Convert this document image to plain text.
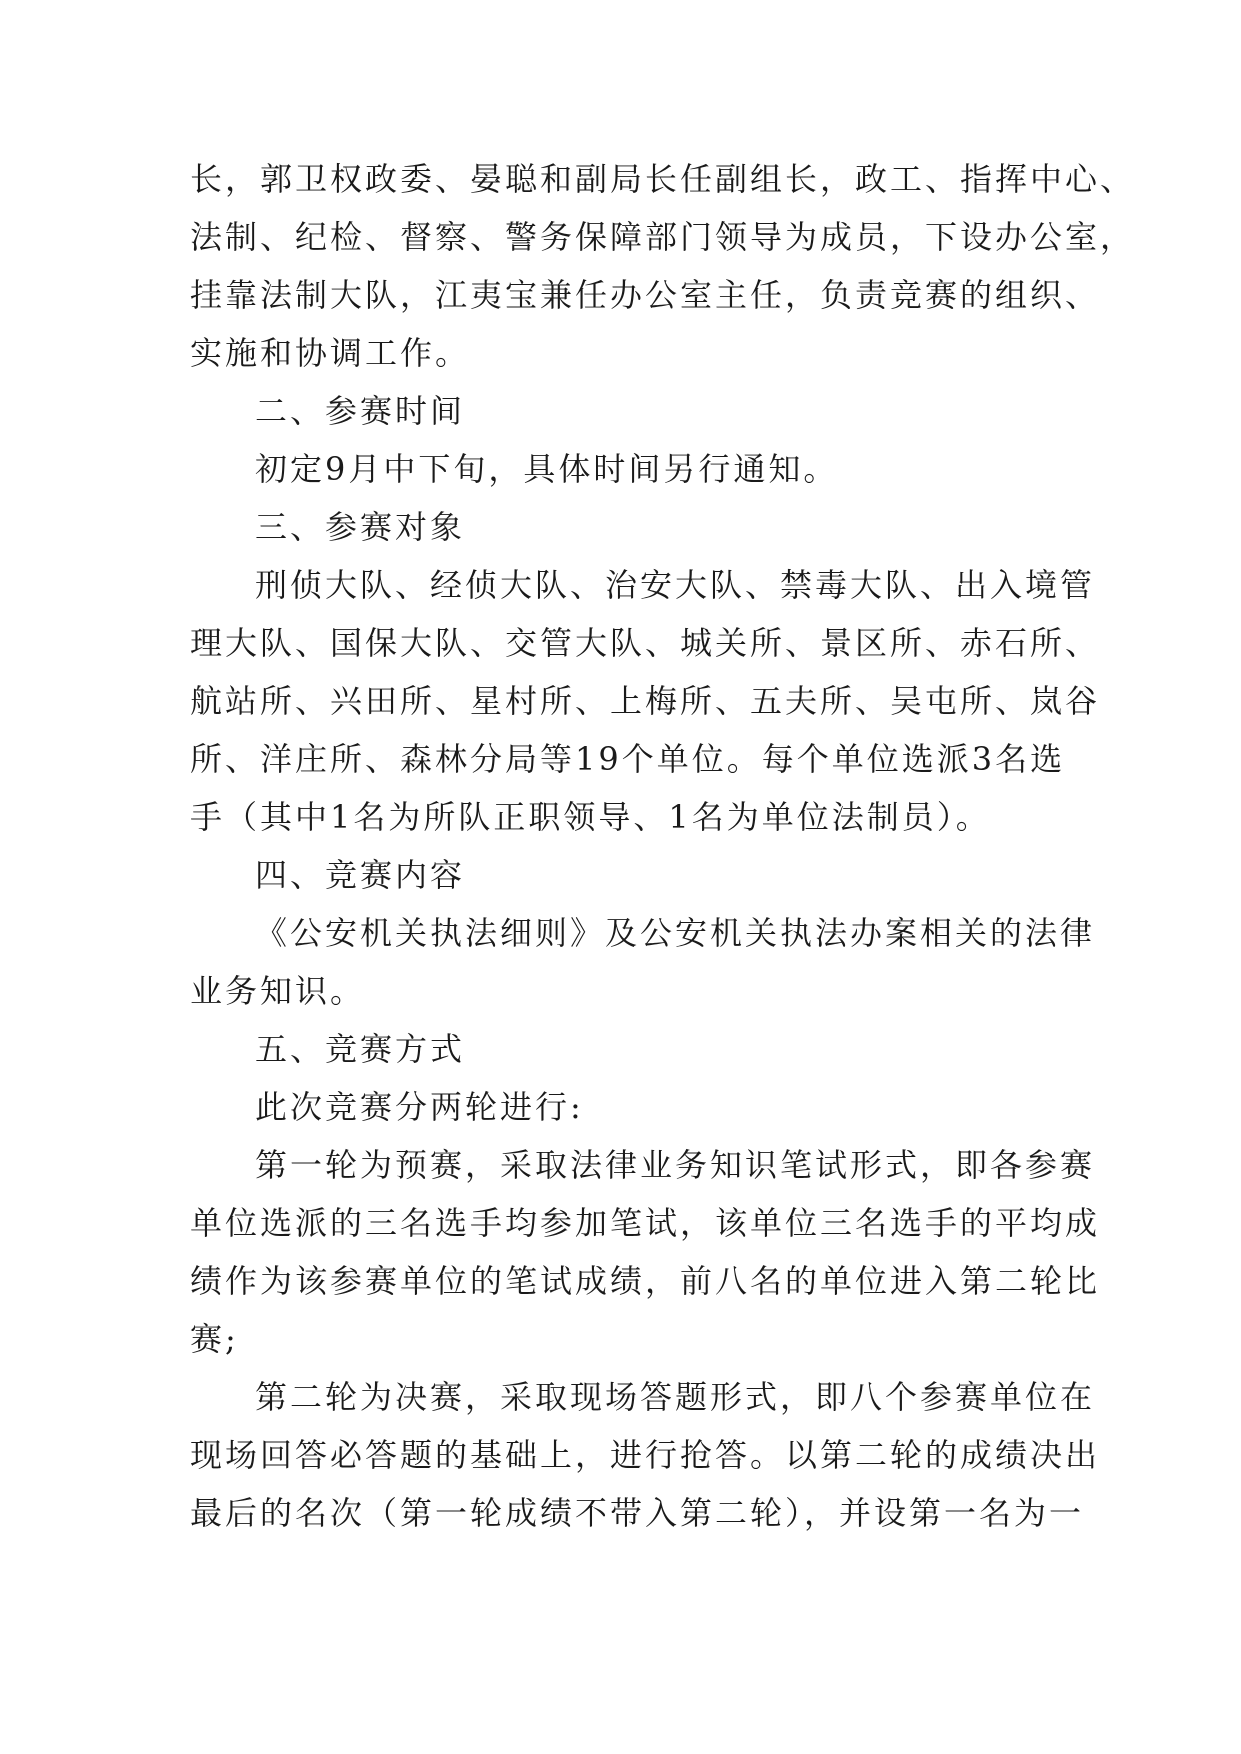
长，郭卫权政委、晏聪和副局长任副组长，政工、指挥中心、
法制、纪检、督察、警务保障部门领导为成员，下设办公室，
挂靠法制大队，江夷宝兼任办公室主任，负责竞赛的组织、
实施和协调工作。
二、参赛时间
初定9月中下旬，具体时间另行通知。
三、参赛对象
刑侦大队、经侦大队、治安大队、禁毒大队、出入境管
理大队、国保大队、交管大队、城关所、景区所、赤石所、
航站所、兴田所、星村所、上梅所、五夫所、吴屯所、岚谷
所、洋庄所、森林分局等19个单位。每个单位选派3名选
手（其中1名为所队正职领导、1名为单位法制员）。
四、竞赛内容
《公安机关执法细则》及公安机关执法办案相关的法律
业务知识。
五、竞赛方式
此次竞赛分两轮进行:
第一轮为预赛，采取法律业务知识笔试形式，即各参赛
单位选派的三名选手均参加笔试，该单位三名选手的平均成
绩作为该参赛单位的笔试成绩，前八名的单位进入第二轮比
赛;
第二轮为决赛，采取现场答题形式，即八个参赛单位在
现场回答必答题的基础上，进行抢答。以第二轮的成绩决出
最后的名次（第一轮成绩不带入第二轮），并设第一名为一
